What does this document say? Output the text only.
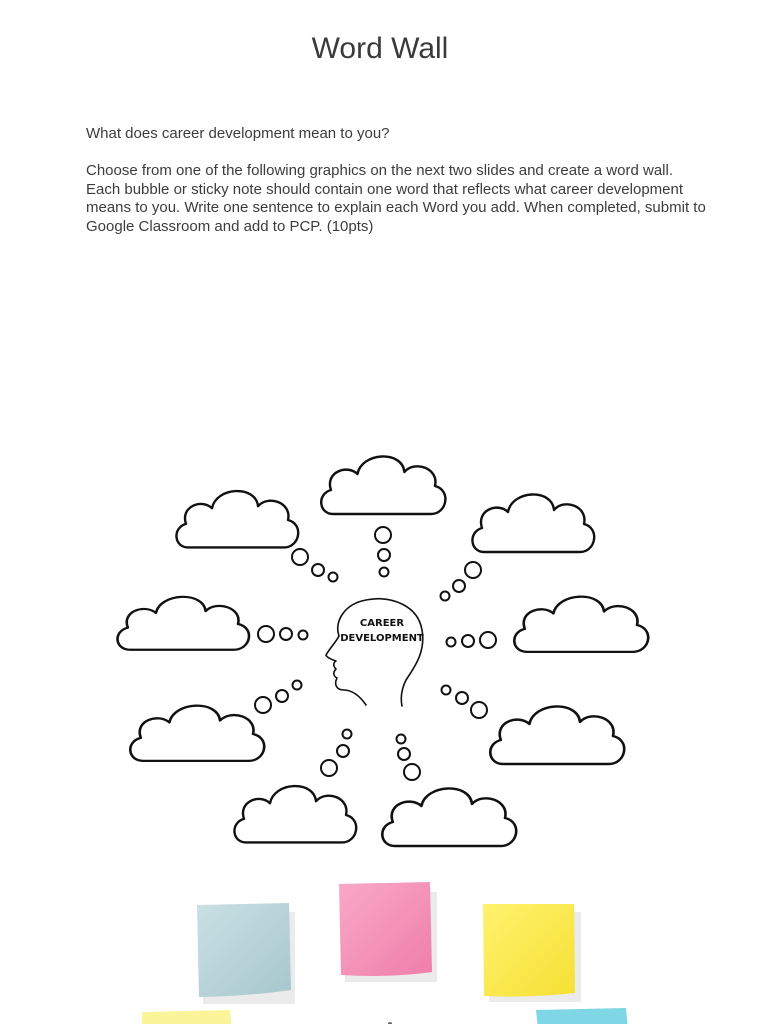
Word Wall

What does career development mean to you?

Choose from one of the following graphics on the next two slides and create a word wall. Each bubble or sticky note should contain one word that reflects what career development means to you. Write one sentence to explain each Word you add. When completed, submit to Google Classroom and add to PCP. (10pts)

CAREER
DEVELOPMENT
